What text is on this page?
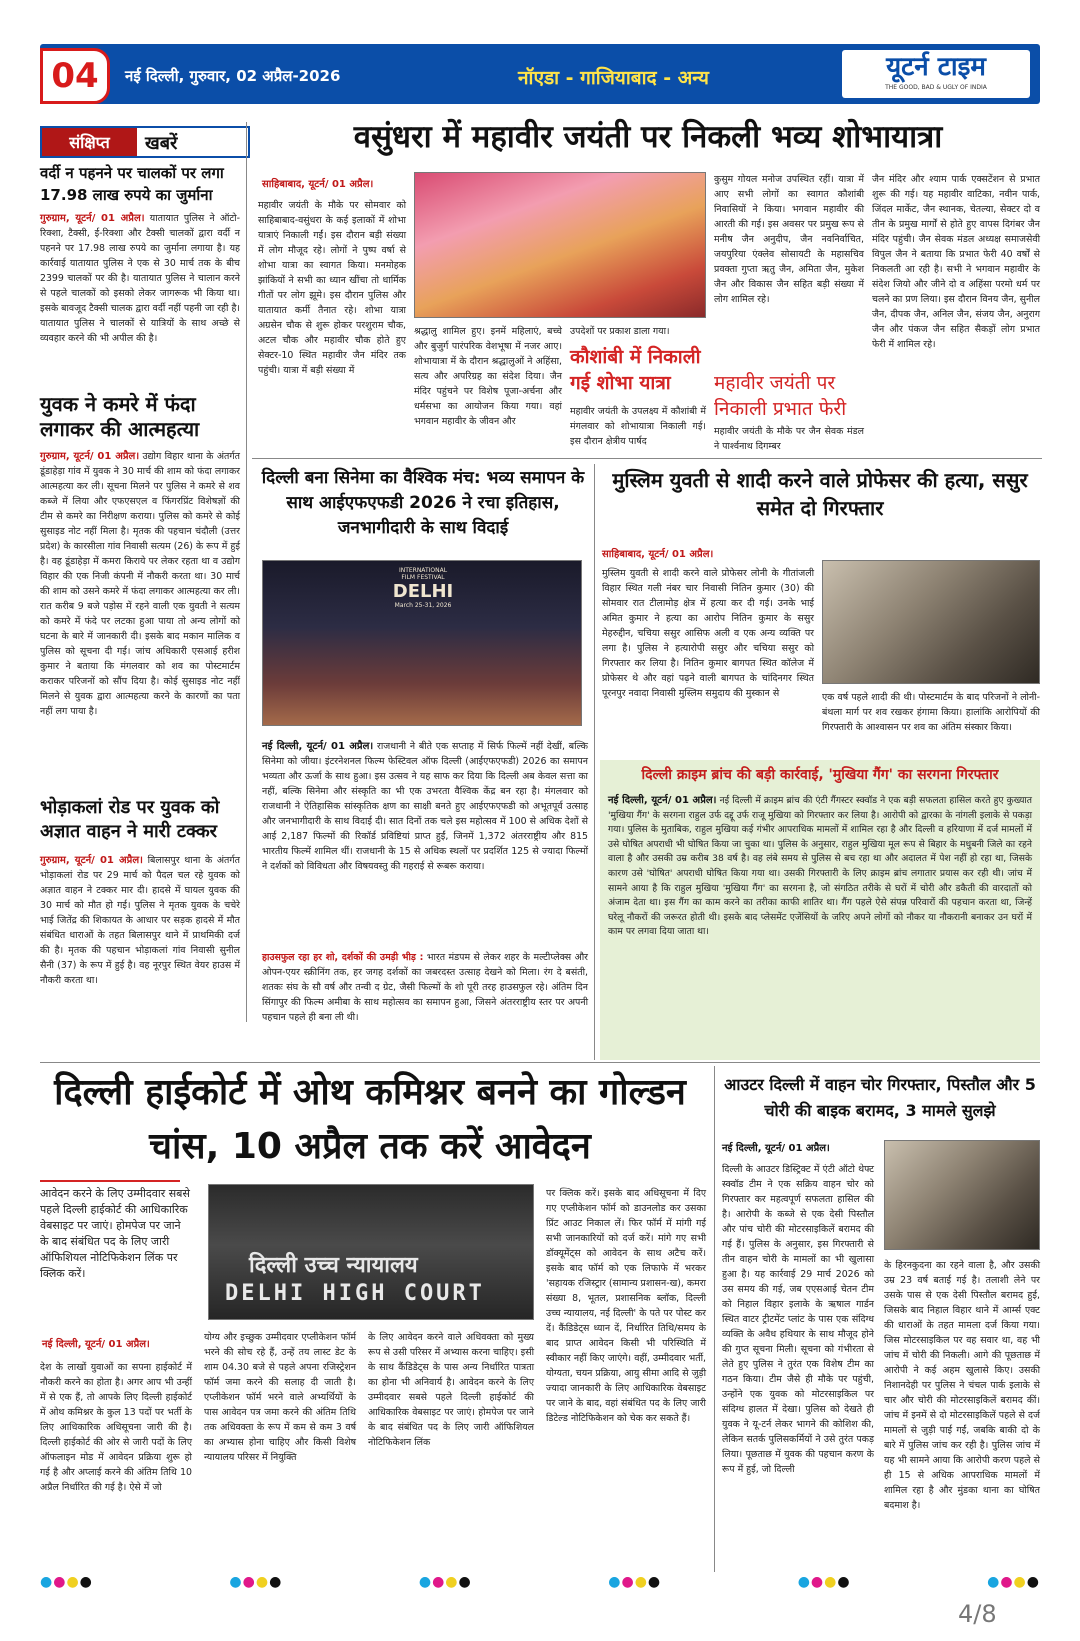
04	नई दिल्ली, गुरुवार, 02 अप्रैल-2026	नॉएडा - गाजियाबाद - अन्य	यूटर्न टाइम
THE GOOD, BAD & UGLY OF INDIA
संक्षिप्त	खबरें
वर्दी न पहनने पर चालकों पर लगा 17.98 लाख रुपये का जुर्माना
गुरुग्राम, यूटर्न/ 01 अप्रैल। यातायात पुलिस ने ऑटो-रिक्शा, टैक्सी, ई-रिक्शा और टैक्सी चालकों द्वारा वर्दी न पहनने पर 17.98 लाख रुपये का जुर्माना लगाया है। यह कार्रवाई यातायात पुलिस ने एक से 30 मार्च तक के बीच 2399 चालकों पर की है। यातायात पुलिस ने चालान करने से पहले चालकों को इसको लेकर जागरूक भी किया था। इसके बावजूद टैक्सी चालक द्वारा वर्दी नहीं पहनी जा रही है। यातायात पुलिस ने चालकों से यात्रियों के साथ अच्छे से व्यवहार करने की भी अपील की है।
युवक ने कमरे में फंदा लगाकर की आत्महत्या
गुरुग्राम, यूटर्न/ 01 अप्रैल। उद्योग विहार थाना के अंतर्गत डूंडाहेड़ा गांव में युवक ने 30 मार्च की शाम को फंदा लगाकर आत्महत्या कर ली। सूचना मिलने पर पुलिस ने कमरे से शव कब्जे में लिया और एफएसएल व फिंगरप्रिंट विशेषज्ञों की टीम से कमरे का निरीक्षण कराया। पुलिस को कमरे से कोई सुसाइड नोट नहीं मिला है। मृतक की पहचान चंदौली (उत्तर प्रदेश) के कारसीला गांव निवासी सत्यम (26) के रूप में हुई है। वह डूंडाहेड़ा में कमरा किराये पर लेकर रहता था व उद्योग विहार की एक निजी कंपनी में नौकरी करता था। 30 मार्च की शाम को उसने कमरे में फंदा लगाकर आत्महत्या कर ली। रात करीब 9 बजे पड़ोस में रहने वाली एक युवती ने सत्यम को कमरे में फंदे पर लटका हुआ पाया तो अन्य लोगों को घटना के बारे में जानकारी दी। इसके बाद मकान मालिक व पुलिस को सूचना दी गई। जांच अधिकारी एसआई हरीश कुमार ने बताया कि मंगलवार को शव का पोस्टमार्टम कराकर परिजनों को सौंप दिया है। कोई सुसाइड नोट नहीं मिलने से युवक द्वारा आत्महत्या करने के कारणों का पता नहीं लग पाया है।
भोड़ाकलां रोड पर युवक को अज्ञात वाहन ने मारी टक्कर
गुरुग्राम, यूटर्न/ 01 अप्रैल। बिलासपुर थाना के अंतर्गत भोड़ाकलां रोड पर 29 मार्च को पैदल चल रहे युवक को अज्ञात वाहन ने टक्कर मार दी। हादसे में घायल युवक की 30 मार्च को मौत हो गई। पुलिस ने मृतक युवक के चचेरे भाई जितेंद्र की शिकायत के आधार पर सड़क हादसे में मौत संबंधित धाराओं के तहत बिलासपुर थाने में प्राथमिकी दर्ज की है। मृतक की पहचान भोड़ाकलां गांव निवासी सुनील सैनी (37) के रूप में हुई है। वह नूरपुर स्थित वेयर हाउस में नौकरी करता था।
वसुंधरा में महावीर जयंती पर निकली भव्य शोभायात्रा
साहिबाबाद, यूटर्न/ 01 अप्रैल।
महावीर जयंती के मौके पर सोमवार को साहिबाबाद-वसुंधरा के कई इलाकों में शोभा यात्राएं निकाली गईं। इस दौरान बड़ी संख्या में लोग मौजूद रहे। लोगों ने पुष्प वर्षा से शोभा यात्रा का स्वागत किया। मनमोहक झांकियों ने सभी का ध्यान खींचा तो धार्मिक गीतों पर लोग झूमे। इस दौरान पुलिस और यातायात कर्मी तैनात रहे। शोभा यात्रा अग्रसेन चौक से शुरू होकर परशुराम चौक, अटल चौक और महावीर चौक होते हुए सेक्टर-10 स्थित महावीर जैन मंदिर तक पहुंची। यात्रा में बड़ी संख्या में
श्रद्धालु शामिल हुए। इनमें महिलाएं, बच्चे और बुजुर्ग पारंपरिक वेशभूषा में नजर आए। शोभायात्रा में के दौरान श्रद्धालुओं ने अहिंसा, सत्य और अपरिग्रह का संदेश दिया। जैन मंदिर पहुंचने पर विशेष पूजा-अर्चना और धर्मसभा का आयोजन किया गया। वहां भगवान महावीर के जीवन और
उपदेशों पर प्रकाश डाला गया।
कौशांबी में निकाली गई शोभा यात्रा
महावीर जयंती के उपलक्ष्य में कौशांबी में मंगलवार को शोभायात्रा निकाली गई। इस दौरान क्षेत्रीय पार्षद
कुसुम गोयल मनोज उपस्थित रहीं। यात्रा में आए सभी लोगों का स्वागत कौशांबी निवासियों ने किया। भगवान महावीर की आरती की गई। इस अवसर पर प्रमुख रूप से मनीष जैन अनुदीप, जैन नवनिर्वाचित, जयपुरिया एंक्लेव सोसायटी के महासचिव प्रवक्ता गुप्ता ऋतु जैन, अमिता जैन, मुकेश जैन और विकास जैन सहित बड़ी संख्या में लोग शामिल रहे।
महावीर जयंती पर निकाली प्रभात फेरी
महावीर जयंती के मौके पर जैन सेवक मंडल ने पार्श्वनाथ दिगम्बर
जैन मंदिर और श्याम पार्क एक्सटेंशन से प्रभात शुरू की गई। यह महावीर वाटिका, नवीन पार्क, जिंदल मार्केट, जैन स्थानक, चेतल्या, सेक्टर दो व तीन के प्रमुख मार्गों से होते हुए वापस दिगंबर जैन मंदिर पहुंची। जैन सेवक मंडल अध्यक्ष समाजसेवी विपुल जैन ने बताया कि प्रभात फेरी 40 वर्षों से निकलती आ रही है। सभी ने भगवान महावीर के संदेश जियो और जीने दो व अहिंसा परमो धर्म पर चलने का प्रण लिया। इस दौरान विनय जैन, सुनील जैन, दीपक जैन, अनिल जैन, संजय जैन, अनुराग जैन और पंकज जैन सहित सैकड़ों लोग प्रभात फेरी में शामिल रहे।
दिल्ली बना सिनेमा का वैश्विक मंच: भव्य समापन के साथ आईएफएफडी 2026 ने रचा इतिहास, जनभागीदारी के साथ विदाई
INTERNATIONAL
FILM FESTIVAL
DELHI
March 25-31, 2026
नई दिल्ली, यूटर्न/ 01 अप्रैल। राजधानी ने बीते एक सप्ताह में सिर्फ फिल्में नहीं देखीं, बल्कि सिनेमा को जीया। इंटरनेशनल फिल्म फेस्टिवल ऑफ दिल्ली (आईएफएफडी) 2026 का समापन भव्यता और ऊर्जा के साथ हुआ। इस उत्सव ने यह साफ कर दिया कि दिल्ली अब केवल सत्ता का नहीं, बल्कि सिनेमा और संस्कृति का भी एक उभरता वैश्विक केंद्र बन रहा है। मंगलवार को राजधानी ने ऐतिहासिक सांस्कृतिक क्षण का साक्षी बनते हुए आईएफएफडी को अभूतपूर्व उत्साह और जनभागीदारी के साथ विदाई दी। सात दिनों तक चले इस महोत्सव में 100 से अधिक देशों से आई 2,187 फिल्मों की रिकॉर्ड प्रविष्टियां प्राप्त हुईं, जिनमें 1,372 अंतरराष्ट्रीय और 815 भारतीय फिल्में शामिल थीं। राजधानी के 15 से अधिक स्थलों पर प्रदर्शित 125 से ज्यादा फिल्मों ने दर्शकों को विविधता और विषयवस्तु की गहराई से रूबरू कराया।
हाउसफुल रहा हर शो, दर्शकों की उमड़ी भीड़ : भारत मंडपम से लेकर शहर के मल्टीप्लेक्स और ओपन-एयर स्क्रीनिंग तक, हर जगह दर्शकों का जबरदस्त उत्साह देखने को मिला। रंग दे बसंती, शतकः संघ के सौ वर्ष और तन्वी द ग्रेट, जैसी फिल्मों के शो पूरी तरह हाउसफुल रहे। अंतिम दिन सिंगापुर की फिल्म अमीबा के साथ महोत्सव का समापन हुआ, जिसने अंतरराष्ट्रीय स्तर पर अपनी पहचान पहले ही बना ली थी।
मुस्लिम युवती से शादी करने वाले प्रोफेसर की हत्या, ससुर समेत दो गिरफ्तार
साहिबाबाद, यूटर्न/ 01 अप्रैल।
मुस्लिम युवती से शादी करने वाले प्रोफेसर लोनी के गीतांजली विहार स्थित गली नंबर चार निवासी नितिन कुमार (30) की सोमवार रात टीलामोड़ क्षेत्र में हत्या कर दी गई। उनके भाई अमित कुमार ने हत्या का आरोप नितिन कुमार के ससुर मेहरुद्दीन, चचिया ससुर आसिफ अली व एक अन्य व्यक्ति पर लगा है। पुलिस ने हत्यारोपी ससुर और चचिया ससुर को गिरफ्तार कर लिया है। नितिन कुमार बागपत स्थित कॉलेज में प्रोफेसर थे और वहां पढ़ने वाली बागपत के चांदिनगर स्थित पूरनपुर नवादा निवासी मुस्लिम समुदाय की मुस्कान से	एक वर्ष पहले शादी की थी। पोस्टमार्टम के बाद परिजनों ने लोनी-बंथला मार्ग पर शव रखकर हंगामा किया। हालांकि आरोपियों की गिरफ्तारी के आश्वासन पर शव का अंतिम संस्कार किया।
दिल्ली क्राइम ब्रांच की बड़ी कार्रवाई, 'मुखिया गैंग' का सरगना गिरफ्तार
नई दिल्ली, यूटर्न/ 01 अप्रैल। नई दिल्ली में क्राइम ब्रांच की एंटी गैंगस्टर स्क्वॉड ने एक बड़ी सफलता हासिल करते हुए कुख्यात 'मुखिया गैंग' के सरगना राहुल उर्फ दद्दू उर्फ राजू मुखिया को गिरफ्तार कर लिया है। आरोपी को द्वारका के नांगली इलाके से पकड़ा गया। पुलिस के मुताबिक, राहुल मुखिया कई गंभीर आपराधिक मामलों में शामिल रहा है और दिल्ली व हरियाणा में दर्ज मामलों में उसे घोषित अपराधी भी घोषित किया जा चुका था। पुलिस के अनुसार, राहुल मुखिया मूल रूप से बिहार के मधुबनी जिले का रहने वाला है और उसकी उम्र करीब 38 वर्ष है। वह लंबे समय से पुलिस से बच रहा था और अदालत में पेश नहीं हो रहा था, जिसके कारण उसे 'घोषित' अपराधी घोषित किया गया था। उसकी गिरफ्तारी के लिए क्राइम ब्रांच लगातार प्रयास कर रही थी। जांच में सामने आया है कि राहुल मुखिया 'मुखिया गैंग' का सरगना है, जो संगठित तरीके से घरों में चोरी और डकैती की वारदातों को अंजाम देता था। इस गैंग का काम करने का तरीका काफी शातिर था। गैंग पहले ऐसे संपन्न परिवारों की पहचान करता था, जिन्हें घरेलू नौकरों की जरूरत होती थी। इसके बाद प्लेसमेंट एजेंसियों के जरिए अपने लोगों को नौकर या नौकरानी बनाकर उन घरों में काम पर लगवा दिया जाता था।
दिल्ली हाईकोर्ट में ओथ कमिश्नर बनने का गोल्डन चांस, 10 अप्रैल तक करें आवेदन
आवेदन करने के लिए उम्मीदवार सबसे पहले दिल्ली हाईकोर्ट की आधिकारिक वेबसाइट पर जाएं। होमपेज पर जाने के बाद संबंधित पद के लिए जारी ऑफिशियल नोटिफिकेशन लिंक पर क्लिक करें।
नई दिल्ली, यूटर्न/ 01 अप्रैल।
दिल्ली उच्च न्यायालय
DELHI HIGH COURT
देश के लाखों युवाओं का सपना हाईकोर्ट में नौकरी करने का होता है। अगर आप भी उन्हीं में से एक हैं, तो आपके लिए दिल्ली हाईकोर्ट में ओथ कमिश्नर के कुल 13 पदों पर भर्ती के लिए आधिकारिक अधिसूचना जारी की है। दिल्ली हाईकोर्ट की ओर से जारी पदों के लिए ऑफलाइन मोड में आवेदन प्रक्रिया शुरू हो गई है और अप्लाई करने की अंतिम तिथि 10 अप्रैल निर्धारित की गई है। ऐसे में जो
योग्य और इच्छुक उम्मीदवार एप्लीकेशन फॉर्म भरने की सोच रहे हैं, उन्हें तय लास्ट डेट के शाम 04.30 बजे से पहले अपना रजिस्ट्रेशन फॉर्म जमा करने की सलाह दी जाती है। एप्लीकेशन फॉर्म भरने वाले अभ्यर्थियों के पास आवेदन पत्र जमा करने की अंतिम तिथि तक अधिवक्ता के रूप में कम से कम 3 वर्ष का अभ्यास होना चाहिए और किसी विशेष न्यायालय परिसर में नियुक्ति
के लिए आवेदन करने वाले अधिवक्ता को मुख्य रूप से उसी परिसर में अभ्यास करना चाहिए। इसी के साथ कैंडिडेट्स के पास अन्य निर्धारित पात्रता का होना भी अनिवार्य है। आवेदन करने के लिए उम्मीदवार सबसे पहले दिल्ली हाईकोर्ट की आधिकारिक वेबसाइट पर जाएं। होमपेज पर जाने के बाद संबंधित पद के लिए जारी ऑफिशियल नोटिफिकेशन लिंक
पर क्लिक करें। इसके बाद अधिसूचना में दिए गए एप्लीकेशन फॉर्म को डाउनलोड कर उसका प्रिंट आउट निकाल लें। फिर फॉर्म में मांगी गई सभी जानकारियों को दर्ज करें। मांगे गए सभी डॉक्यूमेंट्स को आवेदन के साथ अटैच करें। इसके बाद फॉर्म को एक लिफाफे में भरकर 'सहायक रजिस्ट्रार (सामान्य प्रशासन-ख), कमरा संख्या 8, भूतल, प्रशासनिक ब्लॉक, दिल्ली उच्च न्यायालय, नई दिल्ली' के पते पर पोस्ट कर दें। कैंडिडेट्स ध्यान दें, निर्धारित तिथि/समय के बाद प्राप्त आवेदन किसी भी परिस्थिति में स्वीकार नहीं किए जाएंगे। वहीं, उम्मीदवार भर्ती, योग्यता, चयन प्रक्रिया, आयु सीमा आदि से जुड़ी ज्यादा जानकारी के लिए आधिकारिक वेबसाइट पर जाने के बाद, वहां संबंधित पद के लिए जारी डिटेल्ड नोटिफिकेशन को चेक कर सकते हैं।
आउटर दिल्ली में वाहन चोर गिरफ्तार, पिस्तौल और 5 चोरी की बाइक बरामद, 3 मामले सुलझे
नई दिल्ली, यूटर्न/ 01 अप्रैल।
दिल्ली के आउटर डिस्ट्रिक्ट में एंटी ऑटो थेफ्ट स्क्वॉड टीम ने एक सक्रिय वाहन चोर को गिरफ्तार कर महत्वपूर्ण सफलता हासिल की है। आरोपी के कब्जे से एक देसी पिस्तौल और पांच चोरी की मोटरसाइकिलें बरामद की गई हैं। पुलिस के अनुसार, इस गिरफ्तारी से तीन वाहन चोरी के मामलों का भी खुलासा हुआ है। यह कार्रवाई 29 मार्च 2026 को उस समय की गई, जब एएसआई चेतन टीम को निहाल विहार इलाके के ऋषाल गार्डन स्थित वाटर ट्रीटमेंट प्लांट के पास एक संदिग्ध व्यक्ति के अवैध हथियार के साथ मौजूद होने की गुप्त सूचना मिली। सूचना को गंभीरता से लेते हुए पुलिस ने तुरंत एक विशेष टीम का गठन किया। टीम जैसे ही मौके पर पहुंची, उन्होंने एक युवक को मोटरसाइकिल पर संदिग्ध हालत में देखा। पुलिस को देखते ही युवक ने यू-टर्न लेकर भागने की कोशिश की, लेकिन सतर्क पुलिसकर्मियों ने उसे तुरंत पकड़ लिया। पूछताछ में युवक की पहचान करण के रूप में हुई, जो दिल्ली
के हिरनकुदना का रहने वाला है, और उसकी उम्र 23 वर्ष बताई गई है। तलाशी लेने पर उसके पास से एक देसी पिस्तौल बरामद हुई, जिसके बाद निहाल विहार थाने में आर्म्स एक्ट की धाराओं के तहत मामला दर्ज किया गया। जिस मोटरसाइकिल पर वह सवार था, वह भी जांच में चोरी की निकली। आगे की पूछताछ में आरोपी ने कई अहम खुलासे किए। उसकी निशानदेही पर पुलिस ने चंचल पार्क इलाके से चार और चोरी की मोटरसाइकिलें बरामद कीं। जांच में इनमें से दो मोटरसाइकिलें पहले से दर्ज मामलों से जुड़ी पाई गईं, जबकि बाकी दो के बारे में पुलिस जांच कर रही है। पुलिस जांच में यह भी सामने आया कि आरोपी करण पहले से ही 15 से अधिक आपराधिक मामलों में शामिल रहा है और मुंडका थाना का घोषित बदमाश है।
●●●●	●●●●	●●●●	●●●●	●●●●	●●●●
4/8
